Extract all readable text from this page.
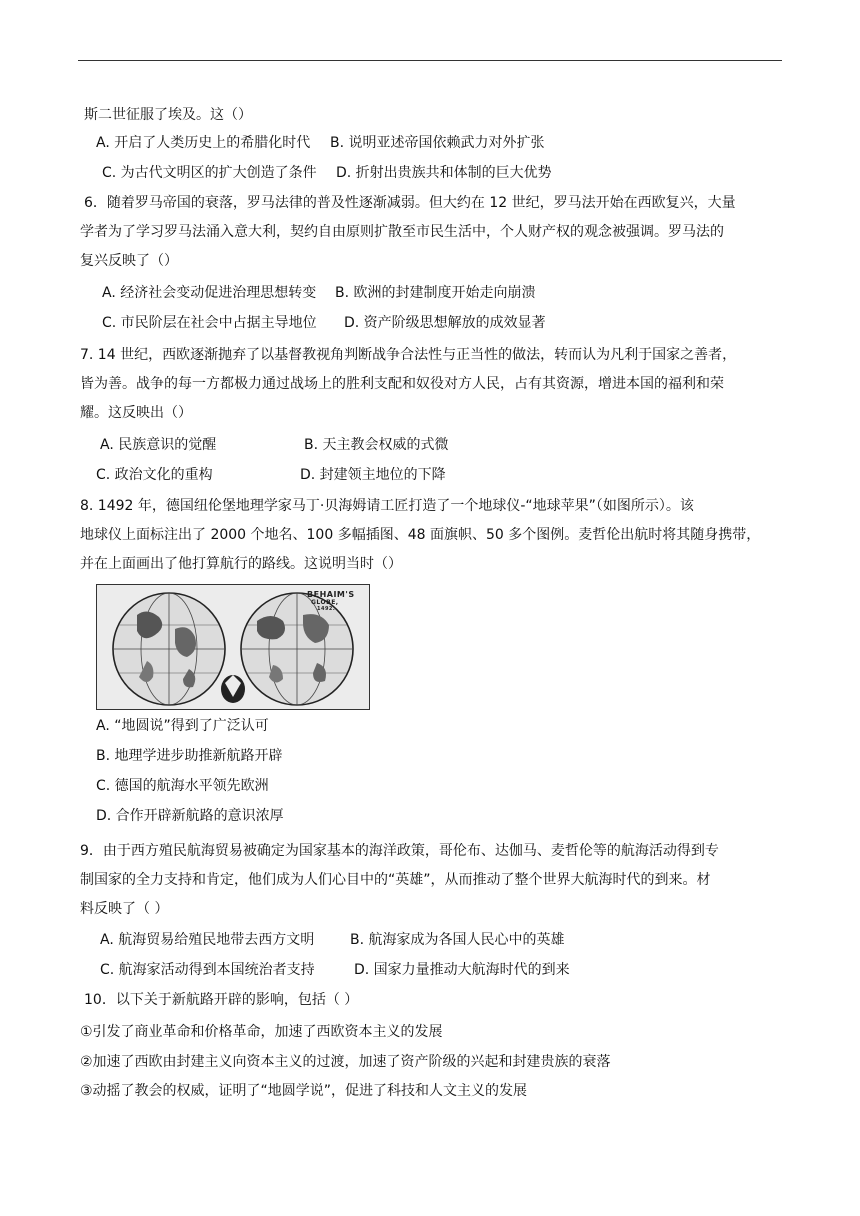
斯二世征服了埃及。这（）
A. 开启了人类历史上的希腊化时代 B. 说明亚述帝国依赖武力对外扩张
C. 为古代文明区的扩大创造了条件 D. 折射出贵族共和体制的巨大优势
6．随着罗马帝国的衰落，罗马法律的普及性逐渐减弱。但大约在 12 世纪，罗马法开始在西欧复兴，大量
学者为了学习罗马法涌入意大利，契约自由原则扩散至市民生活中，个人财产权的观念被强调。罗马法的
复兴反映了（）
A. 经济社会变动促进治理思想转变 B. 欧洲的封建制度开始走向崩溃
C. 市民阶层在社会中占据主导地位 D. 资产阶级思想解放的成效显著
7. 14 世纪，西欧逐渐抛弃了以基督教视角判断战争合法性与正当性的做法，转而认为凡利于国家之善者，
皆为善。战争的每一方都极力通过战场上的胜利支配和奴役对方人民，占有其资源，增进本国的福利和荣
耀。这反映出（）
A. 民族意识的觉醒	B. 天主教会权威的式微
C. 政治文化的重构	D. 封建领主地位的下降
8. 1492 年，德国纽伦堡地理学家马丁·贝海姆请工匠打造了一个地球仪-“地球苹果”（如图所示）。该
地球仪上面标注出了 2000 个地名、100 多幅插图、48 面旗帜、50 多个图例。麦哲伦出航时将其随身携带，
并在上面画出了他打算航行的路线。这说明当时（）
BEHAIM'S
GLOBE,
1492.
A. “地圆说”得到了广泛认可
B. 地理学进步助推新航路开辟
C. 德国的航海水平领先欧洲
D. 合作开辟新航路的意识浓厚
9．由于西方殖民航海贸易被确定为国家基本的海洋政策，哥伦布、达伽马、麦哲伦等的航海活动得到专
制国家的全力支持和肯定，他们成为人们心目中的“英雄”，从而推动了整个世界大航海时代的到来。材
料反映了（ ）
A. 航海贸易给殖民地带去西方文明	B. 航海家成为各国人民心中的英雄
C. 航海家活动得到本国统治者支持	D. 国家力量推动大航海时代的到来
10．以下关于新航路开辟的影响，包括（ ）
①引发了商业革命和价格革命，加速了西欧资本主义的发展
②加速了西欧由封建主义向资本主义的过渡，加速了资产阶级的兴起和封建贵族的衰落
③动摇了教会的权威，证明了“地圆学说”，促进了科技和人文主义的发展
